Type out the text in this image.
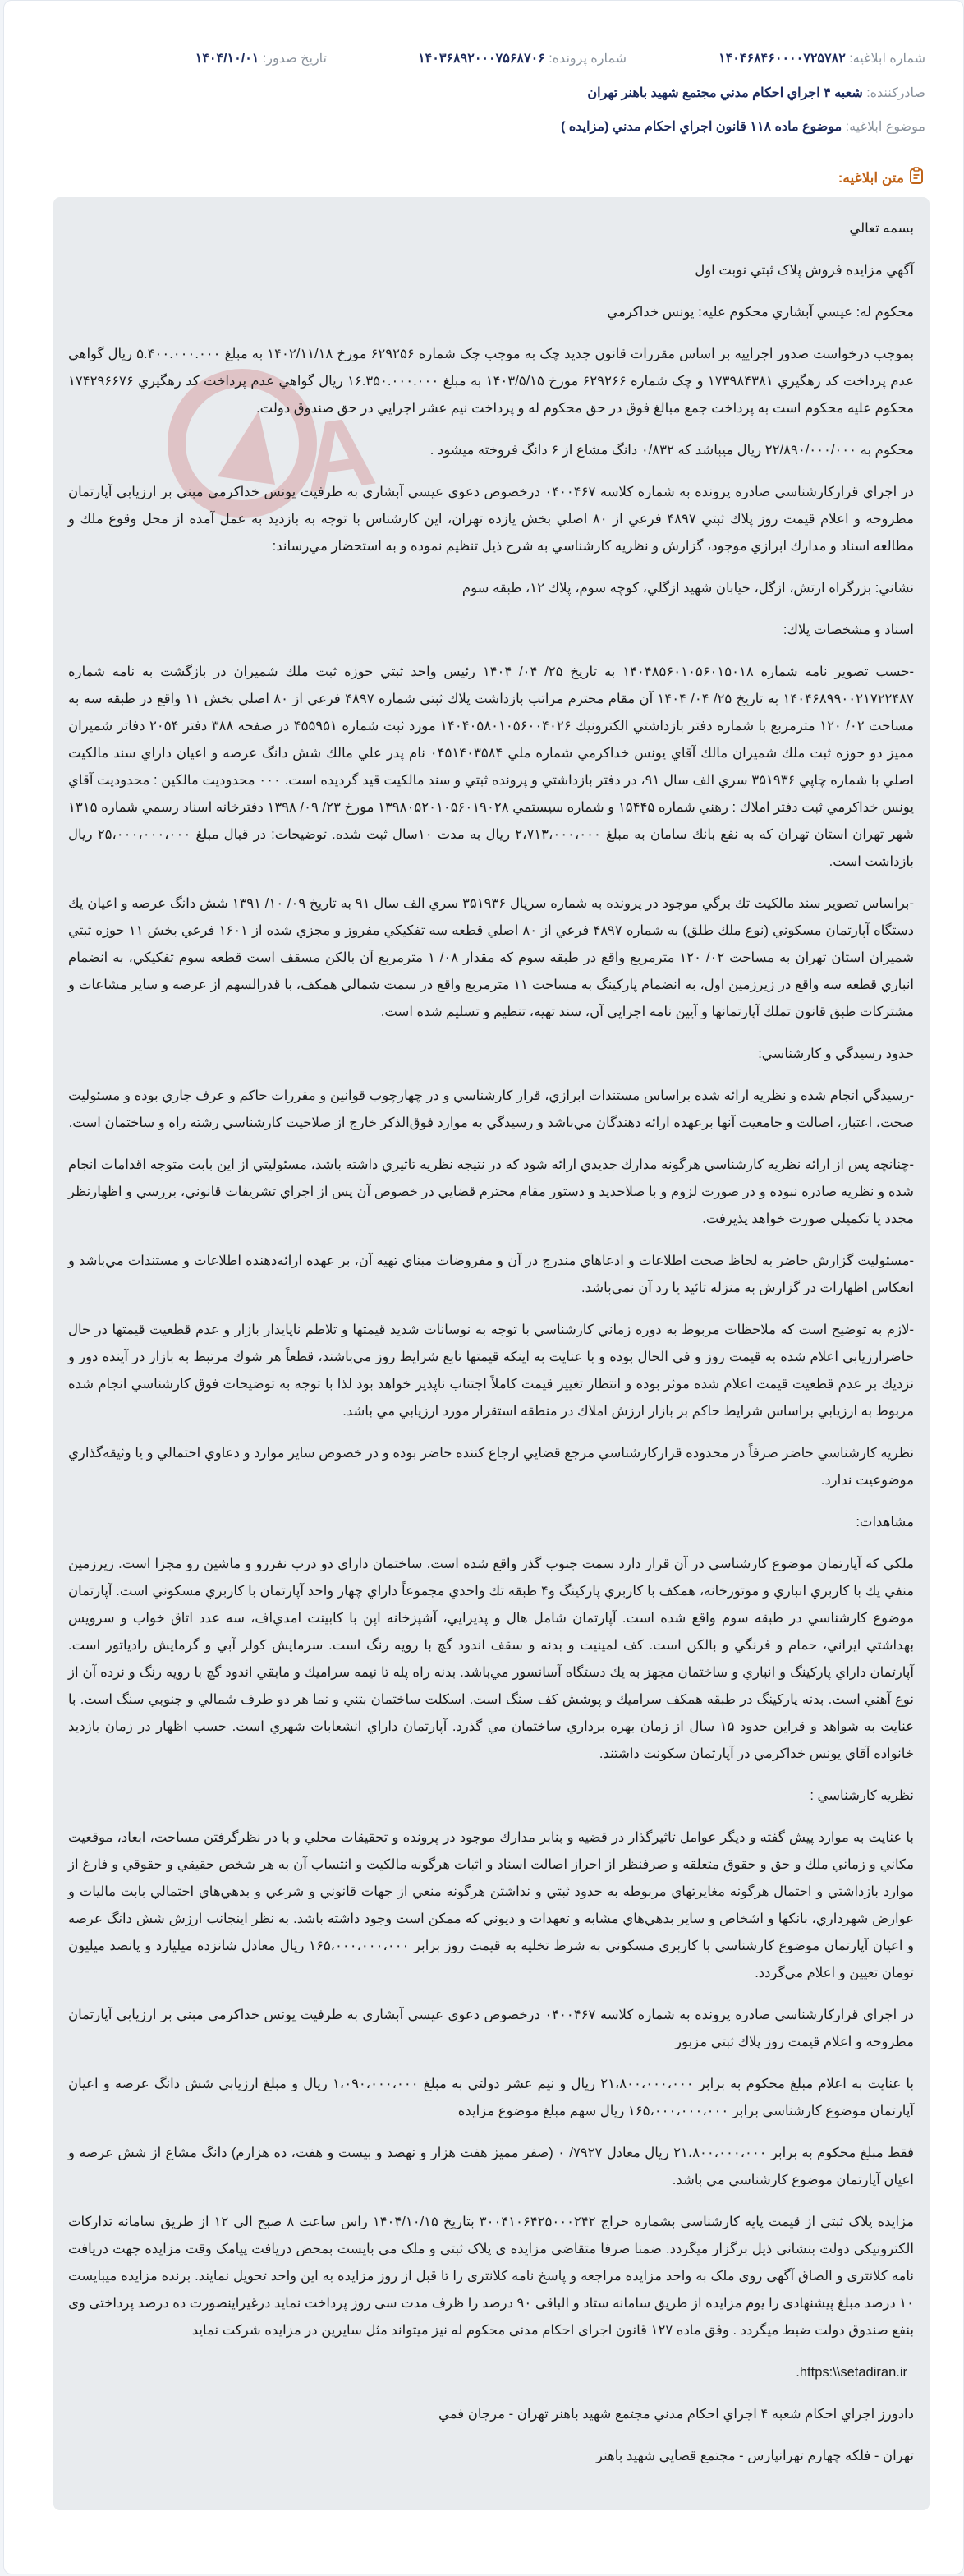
شماره ابلاغیه: ۱۴۰۴۶۸۴۶۰۰۰۰۷۲۵۷۸۲
شماره پرونده: ۱۴۰۳۶۸۹۲۰۰۰۷۵۶۸۷۰۶
تاریخ صدور: ۱۴۰۴/۱۰/۰۱
صادرکننده: شعبه ۴ اجراي احكام مدني مجتمع شهيد باهنر تهران
موضوع ابلاغیه: موضوع ماده ۱۱۸ قانون اجراي احكام مدني (مزايده )
متن ابلاغیه:
A

بسمه تعالي

آگهي مزايده فروش پلاک ثبتي نوبت اول

محکوم له: عيسي آبشاري محکوم عليه: يونس خداکرمي

بموجب درخواست صدور اجراييه بر اساس مقررات قانون جديد چک به موجب چک شماره ۶۲۹۲۵۶ مورخ ۱۴۰۲/۱۱/۱۸ به مبلغ ۵.۴۰۰.۰۰۰.۰۰۰ ريال گواهي عدم پرداخت کد رهگيري ۱۷۳۹۸۴۳۸۱ و چک شماره ۶۲۹۲۶۶ مورخ ۱۴۰۳/۵/۱۵ به مبلغ ۱۶.۳۵۰.۰۰۰.۰۰۰ ريال گواهي عدم پرداخت کد رهگيري ۱۷۴۲۹۶۶۷۶ محکوم عليه محکوم است به پرداخت جمع مبالغ فوق در حق محکوم له و پرداخت نيم عشر اجرايي در حق صندوق دولت.

محکوم به ۲۲/۸۹۰/۰۰۰/۰۰۰ ريال ميباشد که ۰/۸۳۲ دانگ مشاع از ۶ دانگ فروخته ميشود .

در اجراي قرارکارشناسي صادره پرونده به شماره کلاسه ۰۴۰۰۴۶۷ درخصوص دعوي عيسي آبشاري به طرفيت يونس خداکرمي مبني بر ارزيابي آپارتمان مطروحه و اعلام قيمت روز پلاك ثبتي ۴۸۹۷ فرعي از ۸۰ اصلي بخش يازده تهران، اين كارشناس با توجه به بازديد به عمل آمده از محل وقوع ملك و مطالعه اسناد و مدارك ابرازي موجود، گزارش و نظريه كارشناسي به شرح ذيل تنظيم نموده و به استحضار مي‌رساند:

نشاني: بزرگراه ارتش، ازگل، خيابان شهيد ازگلي، كوچه سوم، پلاك ۱۲، طبقه سوم

اسناد و مشخصات پلاك:

-حسب تصوير نامه شماره ۱۴۰۴۸۵۶۰۱۰۵۶۰۱۵۰۱۸ به تاريخ ۲۵/ ۰۴/ ۱۴۰۴ رئيس واحد ثبتي حوزه ثبت ملك شميران در بازگشت به نامه شماره ۱۴۰۴۶۸۹۹۰۰۲۱۷۲۲۴۸۷ به تاريخ ۲۵/ ۰۴/ ۱۴۰۴ آن مقام محترم مراتب بازداشت پلاك ثبتي شماره ۴۸۹۷ فرعي از ۸۰ اصلي بخش ۱۱ واقع در طبقه سه به مساحت ۰۲/ ۱۲۰ مترمربع با شماره دفتر بازداشتي الكترونيك ۱۴۰۴۰۵۸۰۱۰۵۶۰۰۴۰۲۶ مورد ثبت شماره ۴۵۵۹۵۱ در صفحه ۳۸۸ دفتر ۲۰۵۴ دفاتر شميران مميز دو حوزه ثبت ملك شميران مالك آقاي يونس خداكرمي شماره ملي ۰۴۵۱۴۰۳۵۸۴ نام پدر علي مالك شش دانگ عرصه و اعيان داراي سند مالكيت اصلي با شماره چاپي ۳۵۱۹۳۶ سري الف سال ۹۱، در دفتر بازداشتي و پرونده ثبتي و سند مالكيت قيد گرديده است. ۰۰۰ محدوديت مالكين : محدوديت آقاي يونس خداكرمي ثبت دفتر املاك : رهني شماره ۱۵۴۴۵ و شماره سيستمي ۱۳۹۸۰۵۲۰۱۰۵۶۰۱۹۰۲۸ مورخ ۲۳/ ۰۹/ ۱۳۹۸ دفترخانه اسناد رسمي شماره ۱۳۱۵ شهر تهران استان تهران كه به نفع بانك سامان به مبلغ ۲،۷۱۳،۰۰۰،۰۰۰ ريال به مدت ۱۰سال ثبت شده. توضيحات: در قبال مبلغ ۲۵،۰۰۰،۰۰۰،۰۰۰ ريال بازداشت است.

-براساس تصوير سند مالكيت تك برگي موجود در پرونده به شماره سريال ۳۵۱۹۳۶ سري الف سال ۹۱ به تاريخ ۰۹/ ۱۰/ ۱۳۹۱ شش دانگ عرصه و اعيان يك دستگاه آپارتمان مسكوني (نوع ملك طلق) به شماره ۴۸۹۷ فرعي از ۸۰ اصلي قطعه سه تفكيكي مفروز و مجزي شده از ۱۶۰۱ فرعي بخش ۱۱ حوزه ثبتي شميران استان تهران به مساحت ۰۲/ ۱۲۰ مترمربع واقع در طبقه سوم كه مقدار ۰۸/ ۱ مترمربع آن بالكن مسقف است قطعه سوم تفكيكي، به انضمام انباري قطعه سه واقع در زيرزمين اول، به انضمام پاركينگ به مساحت ۱۱ مترمربع واقع در سمت شمالي همكف، با قدرالسهم از عرصه و ساير مشاعات و مشتركات طبق قانون تملك آپارتمانها و آيين نامه اجرايي آن، سند تهيه، تنظيم و تسليم شده است.

حدود رسيدگي و كارشناسي:

-رسيدگي انجام شده و نظريه ارائه شده براساس مستندات ابرازي، قرار كارشناسي و در چهارچوب قوانين و مقررات حاكم و عرف جاري بوده و مسئوليت صحت، اعتبار، اصالت و جامعيت آنها برعهده ارائه دهندگان مي‌باشد و رسيدگي به موارد فوق‌الذكر خارج از صلاحيت كارشناسي رشته راه و ساختمان است.

-چنانچه پس از ارائه نظريه كارشناسي هرگونه مدارك جديدي ارائه شود كه در نتيجه نظريه تاثيري داشته باشد، مسئوليتي از اين بابت متوجه اقدامات انجام شده و نظريه صادره نبوده و در صورت لزوم و با صلاحديد و دستور مقام محترم قضايي در خصوص آن پس از اجراي تشريفات قانوني، بررسي و اظهارنظر مجدد يا تكميلي صورت خواهد پذيرفت.

-مسئوليت گزارش حاضر به لحاظ صحت اطلاعات و ادعاهاي مندرج در آن و مفروضات مبناي تهيه آن، بر عهده ارائه‌دهنده اطلاعات و مستندات مي‌باشد و انعكاس اظهارات در گزارش به منزله تائيد يا رد آن نمي‌باشد.

-لازم به توضيح است كه ملاحظات مربوط به دوره زماني كارشناسي با توجه به نوسانات شديد قيمتها و تلاطم ناپايدار بازار و عدم قطعيت قيمتها در حال حاضرارزيابي اعلام شده به قيمت روز و في الحال بوده و با عنايت به اينكه قيمتها تابع شرايط روز مي‌باشند، قطعاً هر شوك مرتبط به بازار در آينده دور و نزديك بر عدم قطعيت قيمت اعلام شده موثر بوده و انتظار تغيير قيمت كاملاً اجتناب ناپذير خواهد بود لذا با توجه به توضيحات فوق كارشناسي انجام شده مربوط به ارزيابي براساس شرايط حاكم بر بازار ارزش املاك در منطقه استقرار مورد ارزيابي مي باشد.

نظريه كارشناسي حاضر صرفاً در محدوده قراركارشناسي مرجع قضايي ارجاع كننده حاضر بوده و در خصوص ساير موارد و دعاوي احتمالي و يا وثيقه‌گذاري موضوعيت ندارد.

مشاهدات:

ملكي كه آپارتمان موضوع كارشناسي در آن قرار دارد سمت جنوب گذر واقع شده است. ساختمان داراي دو درب نفررو و ماشين رو مجزا است. زيرزمين منفي يك با كاربري انباري و موتورخانه، همكف با كاربري پاركينگ و۴ طبقه تك واحدي مجموعاً داراي چهار واحد آپارتمان با كاربري مسكوني است. آپارتمان موضوع كارشناسي در طبقه سوم واقع شده است. آپارتمان شامل هال و پذيرايي، آشپزخانه اپن با كابينت امدي‌اف، سه عدد اتاق خواب و سرويس بهداشتي ايراني، حمام و فرنگي و بالكن است. كف لمينيت و بدنه و سقف اندود گچ با رويه رنگ است. سرمايش كولر آبي و گرمايش رادياتور است. آپارتمان داراي پاركينگ و انباري و ساختمان مجهز به يك دستگاه آسانسور مي‌باشد. بدنه راه پله تا نيمه سراميك و مابقي اندود گچ با رويه رنگ و نرده آن از نوع آهني است. بدنه پاركينگ در طبقه همكف سراميك و پوشش كف سنگ است. اسكلت ساختمان بتني و نما هر دو طرف شمالي و جنوبي سنگ است. با عنايت به شواهد و قراين حدود ۱۵ سال از زمان بهره برداري ساختمان مي گذرد. آپارتمان داراي انشعابات شهري است. حسب اظهار در زمان بازديد خانواده آقاي يونس خداكرمي در آپارتمان سكونت داشتند.

نظريه كارشناسي :

با عنايت به موارد پيش گفته و ديگر عوامل تاثيرگذار در قضيه و بنابر مدارك موجود در پرونده و تحقيقات محلي و با در نظرگرفتن مساحت، ابعاد، موقعيت مكاني و زماني ملك و حق و حقوق متعلقه و صرفنظر از احراز اصالت اسناد و اثبات هرگونه مالكيت و انتساب آن به هر شخص حقيقي و حقوقي و فارغ از موارد بازداشتي و احتمال هرگونه مغايرتهاي مربوطه به حدود ثبتي و نداشتن هرگونه منعي از جهات قانوني و شرعي و بدهي‌هاي احتمالي بابت ماليات و عوارض شهرداري، بانكها و اشخاص و ساير بدهي‌هاي مشابه و تعهدات و ديوني كه ممكن است وجود داشته باشد. به نظر اينجانب ارزش شش دانگ عرصه و اعيان آپارتمان موضوع كارشناسي با كاربري مسكوني به شرط تخليه به قيمت روز برابر ۱۶۵،۰۰۰،۰۰۰،۰۰۰ ريال معادل شانزده ميليارد و پانصد ميليون تومان تعيين و اعلام مي‌گردد.

در اجراي قراركارشناسي صادره پرونده به شماره كلاسه ۰۴۰۰۴۶۷ درخصوص دعوي عيسي آبشاري به طرفيت يونس خداكرمي مبني بر ارزيابي آپارتمان مطروحه و اعلام قيمت روز پلاك ثبتي مزبور

با عنايت به اعلام مبلغ محكوم به برابر ۲۱،۸۰۰،۰۰۰،۰۰۰ ريال و نيم عشر دولتي به مبلغ ۱،۰۹۰،۰۰۰،۰۰۰ ريال و مبلغ ارزيابي شش دانگ عرصه و اعيان آپارتمان موضوع كارشناسي برابر ۱۶۵،۰۰۰،۰۰۰،۰۰۰ ريال سهم مبلغ موضوع مزايده

فقط مبلغ محكوم به برابر ۲۱،۸۰۰،۰۰۰،۰۰۰ ريال معادل ۷۹۲۷/ ۰ (صفر مميز هفت هزار و نهصد و بيست و هفت، ده هزارم) دانگ مشاع از شش عرصه و اعيان آپارتمان موضوع كارشناسي مي باشد.

مزايده پلاک ثبتی از قيمت پايه کارشناسی بشماره حراج ۳۰۰۴۱۰۶۴۲۵۰۰۰۲۴۲ بتاريخ ۱۴۰۴/۱۰/۱۵ راس ساعت ۸ صبح الی ۱۲ از طريق سامانه تدارکات الکترونيکی دولت بنشانی ذيل برگزار ميگردد. ضمنا صرفا متقاضی مزايده ی پلاک ثبتی و ملک می بايست بمحض دريافت پيامک وقت مزايده جهت دريافت نامه کلانتری و الصاق آگهی روی ملک به واحد مزايده مراجعه و پاسخ نامه کلانتری را تا قبل از روز مزايده به اين واحد تحويل نمايند. برنده مزايده ميبايست ۱۰ درصد مبلغ پيشنهادی را يوم مزايده از طريق سامانه ستاد و الباقی ۹۰ درصد را ظرف مدت سی روز پرداخت نمايد درغيراينصورت ده درصد پرداختی وی بنفع صندوق دولت ضبط ميگردد . وفق ماده ۱۲۷ قانون اجرای احکام مدنی محکوم له نيز ميتواند مثل سايرين در مزايده شرکت نمايد

https:\\setadiran.ir.

دادورز اجراي احكام شعبه ۴ اجراي احكام مدني مجتمع شهيد باهنر تهران - مرجان فمي

تهران - فلكه چهارم تهرانپارس - مجتمع قضايي شهيد باهنر
